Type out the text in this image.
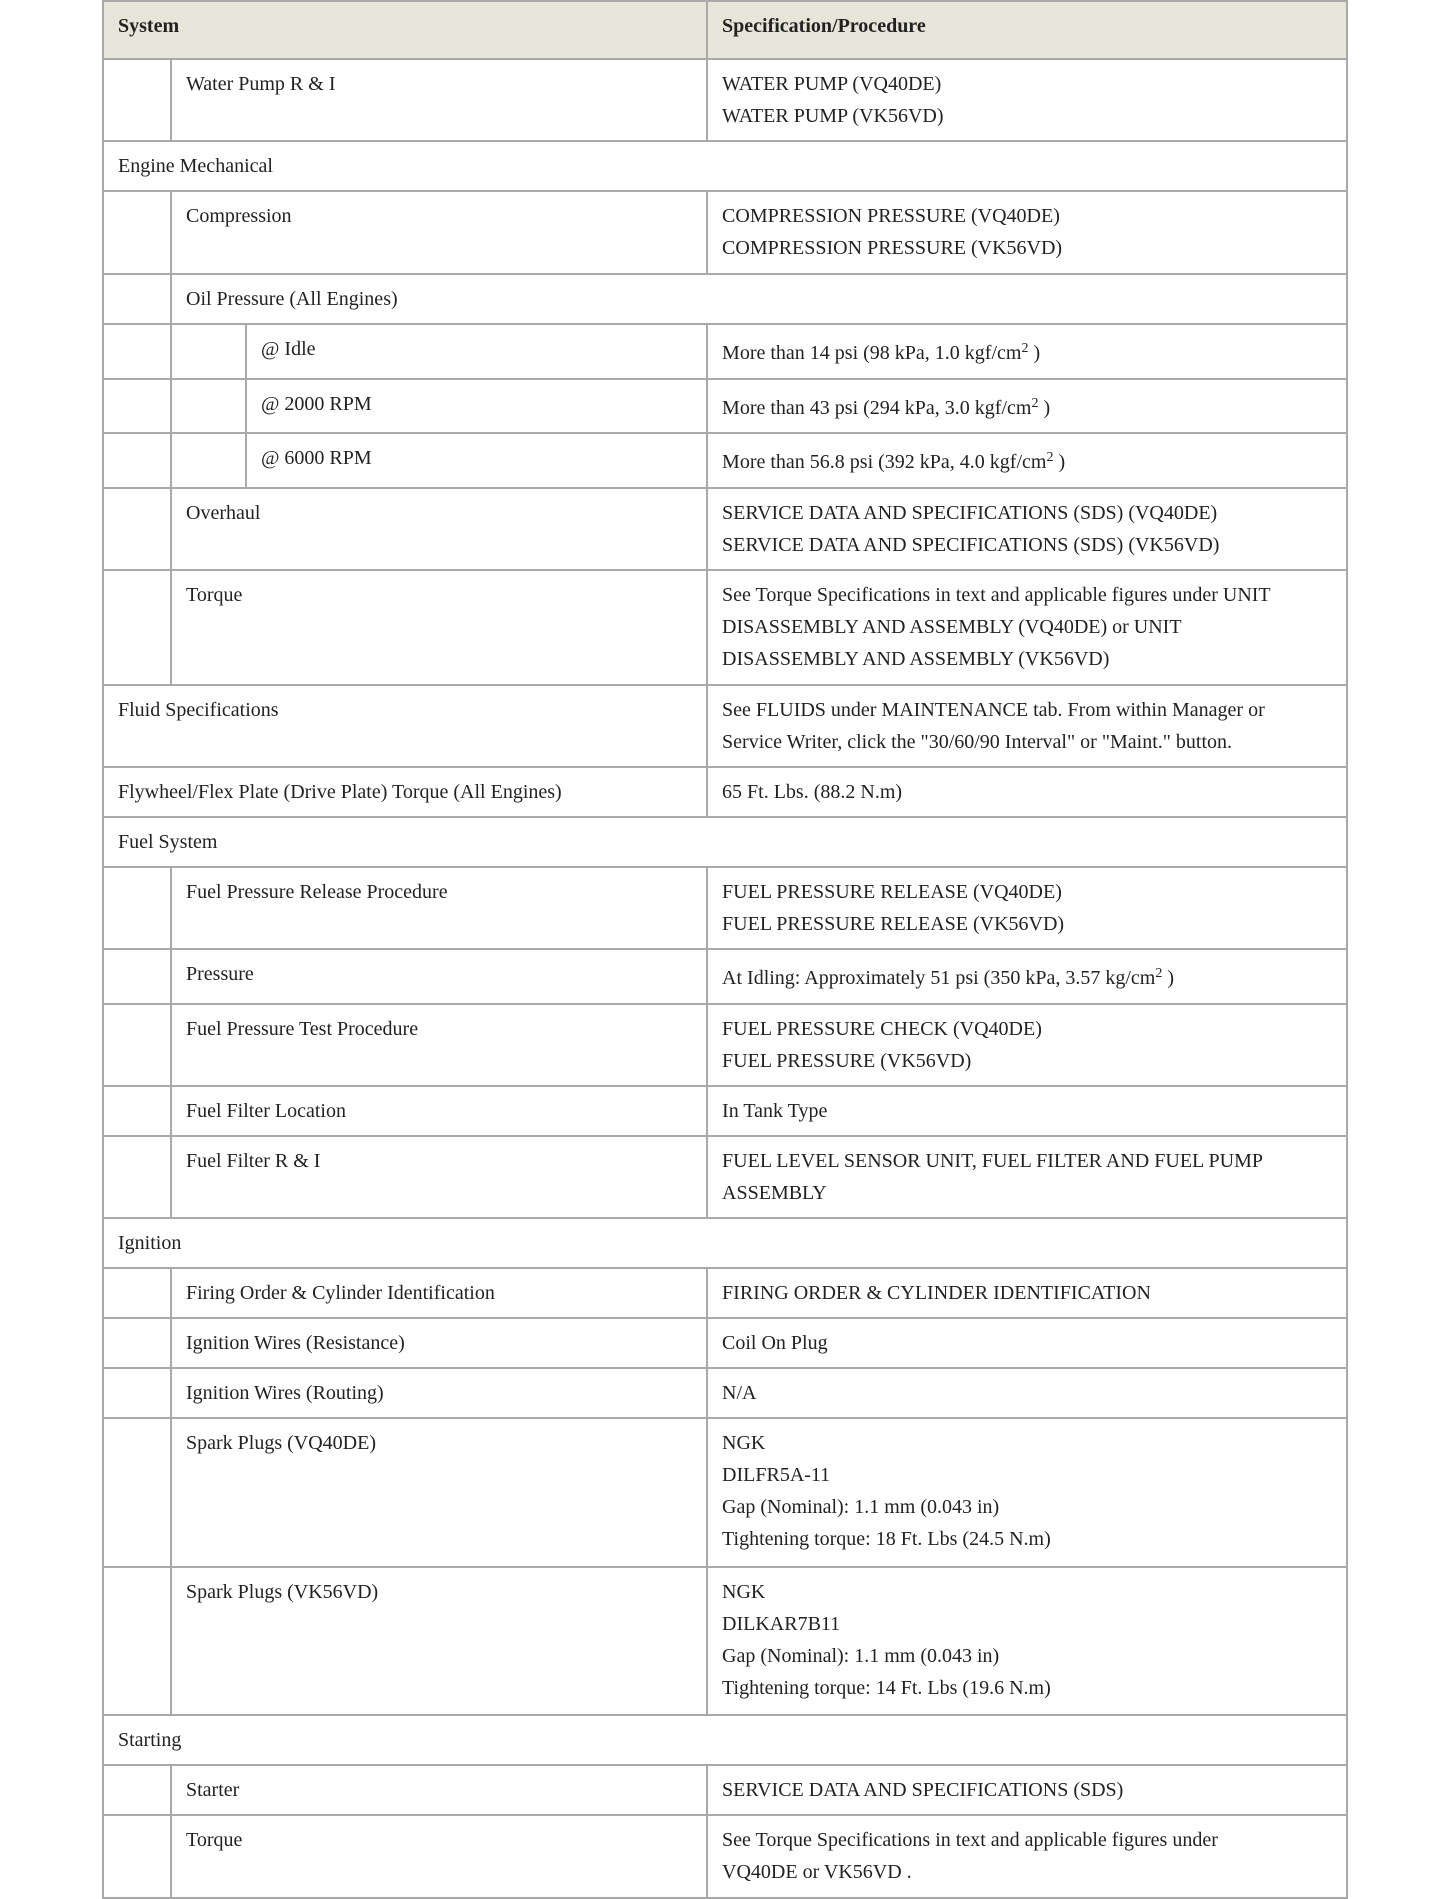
System			Specification/Procedure
	Water Pump R & I		WATER PUMP (VQ40DE)
WATER PUMP (VK56VD)

Engine Mechanical			
	Compression		COMPRESSION PRESSURE (VQ40DE)
COMPRESSION PRESSURE (VK56VD)

	Oil Pressure (All Engines)		
		@ Idle	More than 14 psi (98 kPa, 1.0 kgf/$cm^2$ )

		@ 2000 RPM	More than 43 psi (294 kPa, 3.0 kgf/$cm^2$ )

		@ 6000 RPM	More than 56.8 psi (392 kPa, 4.0 kgf/$cm^2$ )

	Overhaul		SERVICE DATA AND SPECIFICATIONS (SDS) (VQ40DE)
SERVICE DATA AND SPECIFICATIONS (SDS) (VK56VD)

	Torque		See Torque Specifications in text and applicable figures under UNIT
DISASSEMBLY AND ASSEMBLY (VQ40DE) or UNIT
DISASSEMBLY AND ASSEMBLY (VK56VD)

Fluid Specifications			See FLUIDS under MAINTENANCE tab. From within Manager or
Service Writer, click the "30/60/90 Interval" or "Maint." button.

Flywheel/Flex Plate (Drive Plate) Torque (All Engines)			65 Ft. Lbs. (88.2 N.m)
Fuel System			
	Fuel Pressure Release Procedure		FUEL PRESSURE RELEASE (VQ40DE)
FUEL PRESSURE RELEASE (VK56VD)

	Pressure		At Idling: Approximately 51 psi (350 kPa, 3.57 $kg/cm^2$ )

	Fuel Pressure Test Procedure		FUEL PRESSURE CHECK (VQ40DE)
FUEL PRESSURE (VK56VD)

	Fuel Filter Location		In Tank Type
	Fuel Filter R & I		FUEL LEVEL SENSOR UNIT, FUEL FILTER AND FUEL PUMP
ASSEMBLY

Ignition			
	Firing Order & Cylinder Identification		FIRING ORDER & CYLINDER IDENTIFICATION
	Ignition Wires (Resistance)		Coil On Plug
	Ignition Wires (Routing)		N/A
	Spark Plugs (VQ40DE)		NGK
DILFR5A-11
Gap (Nominal): 1.1 mm (0.043 in)
Tightening torque: 18 Ft. Lbs (24.5 N.m)

	Spark Plugs (VK56VD)		NGK
DILKAR7B11
Gap (Nominal): 1.1 mm (0.043 in)
Tightening torque: 14 Ft. Lbs (19.6 N.m)

Starting			
	Starter		SERVICE DATA AND SPECIFICATIONS (SDS)
	Torque		See Torque Specifications in text and applicable figures under
VQ40DE or VK56VD .
